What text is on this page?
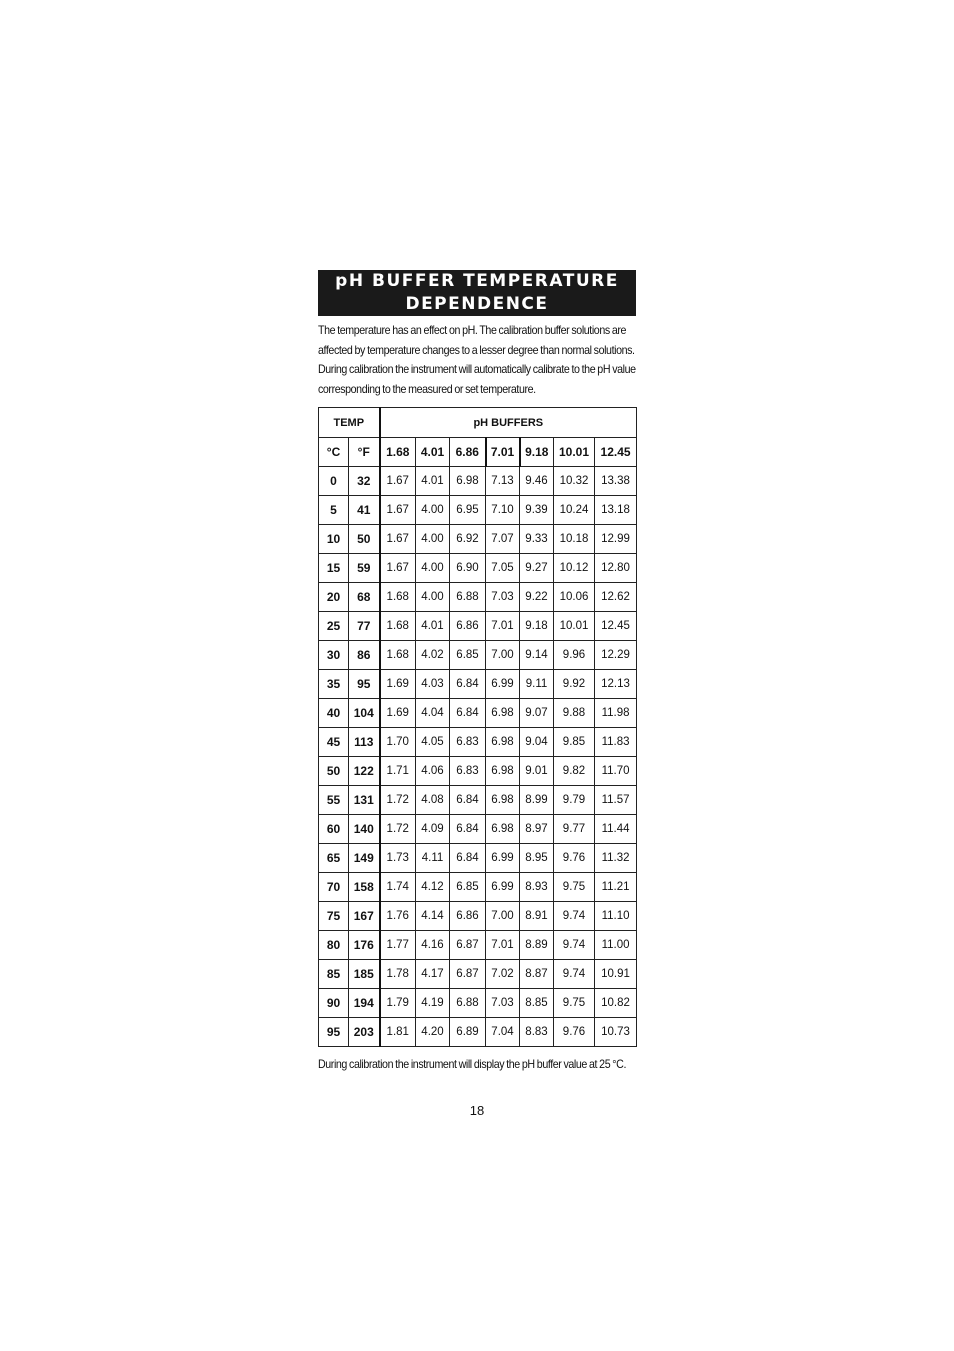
pH BUFFER TEMPERATURE
DEPENDENCE

The temperature has an effect on pH. The calibration buffer solutions are affected by temperature changes to a lesser degree than normal solutions. During calibration the instrument will automatically calibrate to the pH value corresponding to the measured or set temperature.

TEMP		pH BUFFERS						
°C	°F	1.68	4.01	6.86	7.01	9.18	10.01	12.45
0	32	1.67	4.01	6.98	7.13	9.46	10.32	13.38
5	41	1.67	4.00	6.95	7.10	9.39	10.24	13.18
10	50	1.67	4.00	6.92	7.07	9.33	10.18	12.99
15	59	1.67	4.00	6.90	7.05	9.27	10.12	12.80
20	68	1.68	4.00	6.88	7.03	9.22	10.06	12.62
25	77	1.68	4.01	6.86	7.01	9.18	10.01	12.45
30	86	1.68	4.02	6.85	7.00	9.14	9.96	12.29
35	95	1.69	4.03	6.84	6.99	9.11	9.92	12.13
40	104	1.69	4.04	6.84	6.98	9.07	9.88	11.98
45	113	1.70	4.05	6.83	6.98	9.04	9.85	11.83
50	122	1.71	4.06	6.83	6.98	9.01	9.82	11.70
55	131	1.72	4.08	6.84	6.98	8.99	9.79	11.57
60	140	1.72	4.09	6.84	6.98	8.97	9.77	11.44
65	149	1.73	4.11	6.84	6.99	8.95	9.76	11.32
70	158	1.74	4.12	6.85	6.99	8.93	9.75	11.21
75	167	1.76	4.14	6.86	7.00	8.91	9.74	11.10
80	176	1.77	4.16	6.87	7.01	8.89	9.74	11.00
85	185	1.78	4.17	6.87	7.02	8.87	9.74	10.91
90	194	1.79	4.19	6.88	7.03	8.85	9.75	10.82
95	203	1.81	4.20	6.89	7.04	8.83	9.76	10.73

During calibration the instrument will display the pH buffer value at 25 °C.

18
